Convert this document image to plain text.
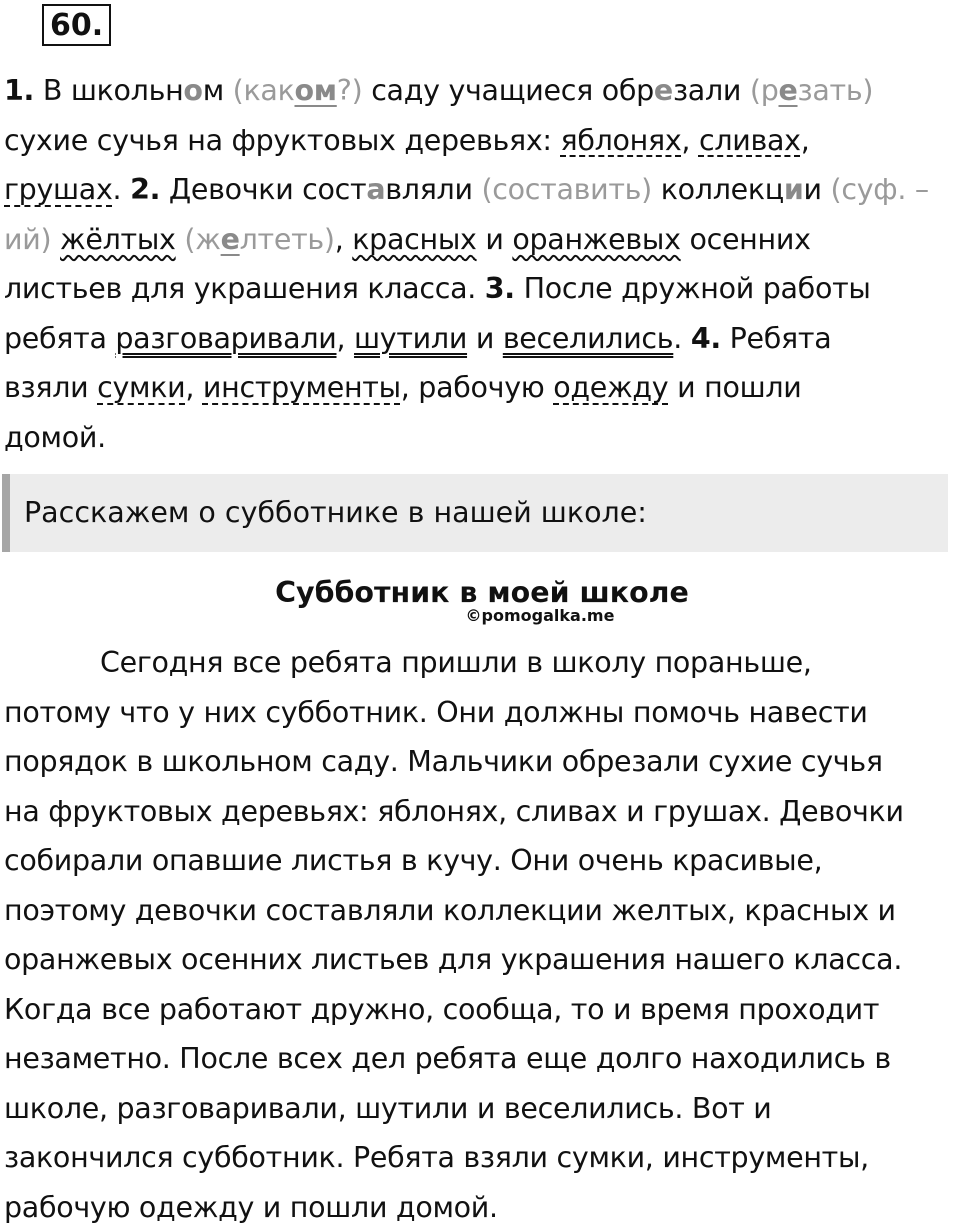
60.
1. В школьном (каком?) саду учащиеся обрезали (резать)
сухие сучья на фруктовых деревьях: яблонях, сливах,
грушах. 2. Девочки составляли (составить) коллекции (суф. –
ий) жёлтых (желтеть), красных и оранжевых осенних
листьев для украшения класса. 3. После дружной работы
ребята разговаривали, шутили и веселились. 4. Ребята
взяли сумки, инструменты, рабочую одежду и пошли
домой.
Расскажем о субботнике в нашей школе:
Субботник в моей школе
©pomogalka.me
Сегодня все ребята пришли в школу пораньше,
потому что у них субботник. Они должны помочь навести
порядок в школьном саду. Мальчики обрезали сухие сучья
на фруктовых деревьях: яблонях, сливах и грушах. Девочки
собирали опавшие листья в кучу. Они очень красивые,
поэтому девочки составляли коллекции желтых, красных и
оранжевых осенних листьев для украшения нашего класса.
Когда все работают дружно, сообща, то и время проходит
незаметно. После всех дел ребята еще долго находились в
школе, разговаривали, шутили и веселились. Вот и
закончился субботник. Ребята взяли сумки, инструменты,
рабочую одежду и пошли домой.
